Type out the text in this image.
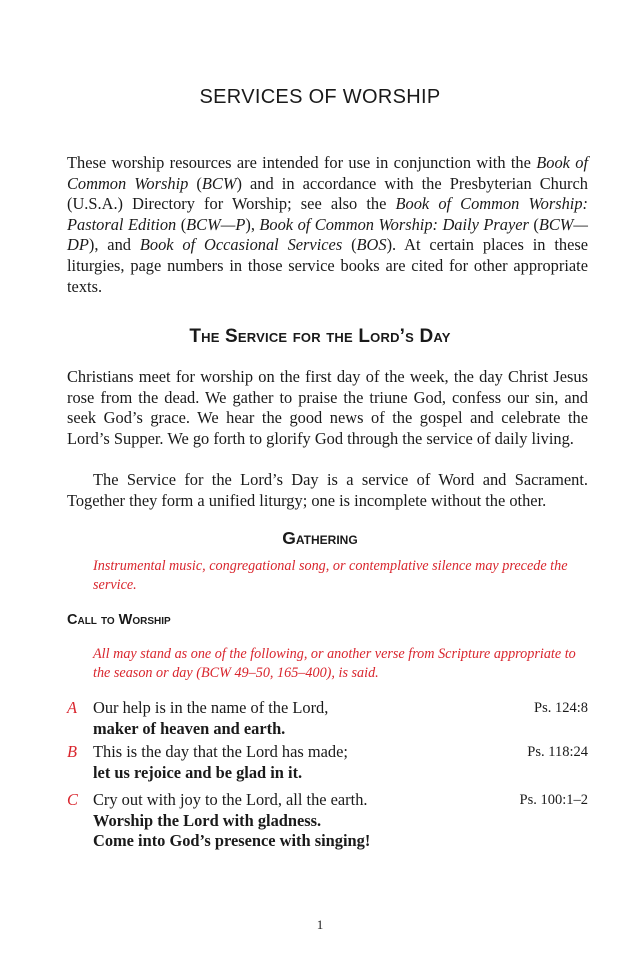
SERVICES OF WORSHIP

These worship resources are intended for use in conjunction with the Book of Common Worship (BCW) and in accordance with the Presbyterian Church (U.S.A.) Directory for Worship; see also the Book of Common Worship: Pastoral Edition (BCW—P), Book of Common Worship: Daily Prayer (BCW—DP), and Book of Occasional Services (BOS). At certain places in these liturgies, page numbers in those service books are cited for other appropriate texts.

The Service for the Lord’s Day

Christians meet for worship on the first day of the week, the day Christ Jesus rose from the dead. We gather to praise the triune God, confess our sin, and seek God’s grace. We hear the good news of the gospel and celebrate the Lord’s Supper. We go forth to glorify God through the service of daily living.

The Service for the Lord’s Day is a service of Word and Sacrament. Together they form a unified liturgy; one is incomplete without the other.

Gathering

Instrumental music, congregational song, or contemplative silence may precede the service.

Call to Worship

All may stand as one of the following, or another verse from Scripture appropriate to the season or day (BCW 49–50, 165–400), is said.

A Our help is in the name of the Lord,
maker of heaven and earth.
Ps. 124:8
B This is the day that the Lord has made;
let us rejoice and be glad in it.
Ps. 118:24
C Cry out with joy to the Lord, all the earth.
Worship the Lord with gladness.
Come into God’s presence with singing!
Ps. 100:1–2
1
